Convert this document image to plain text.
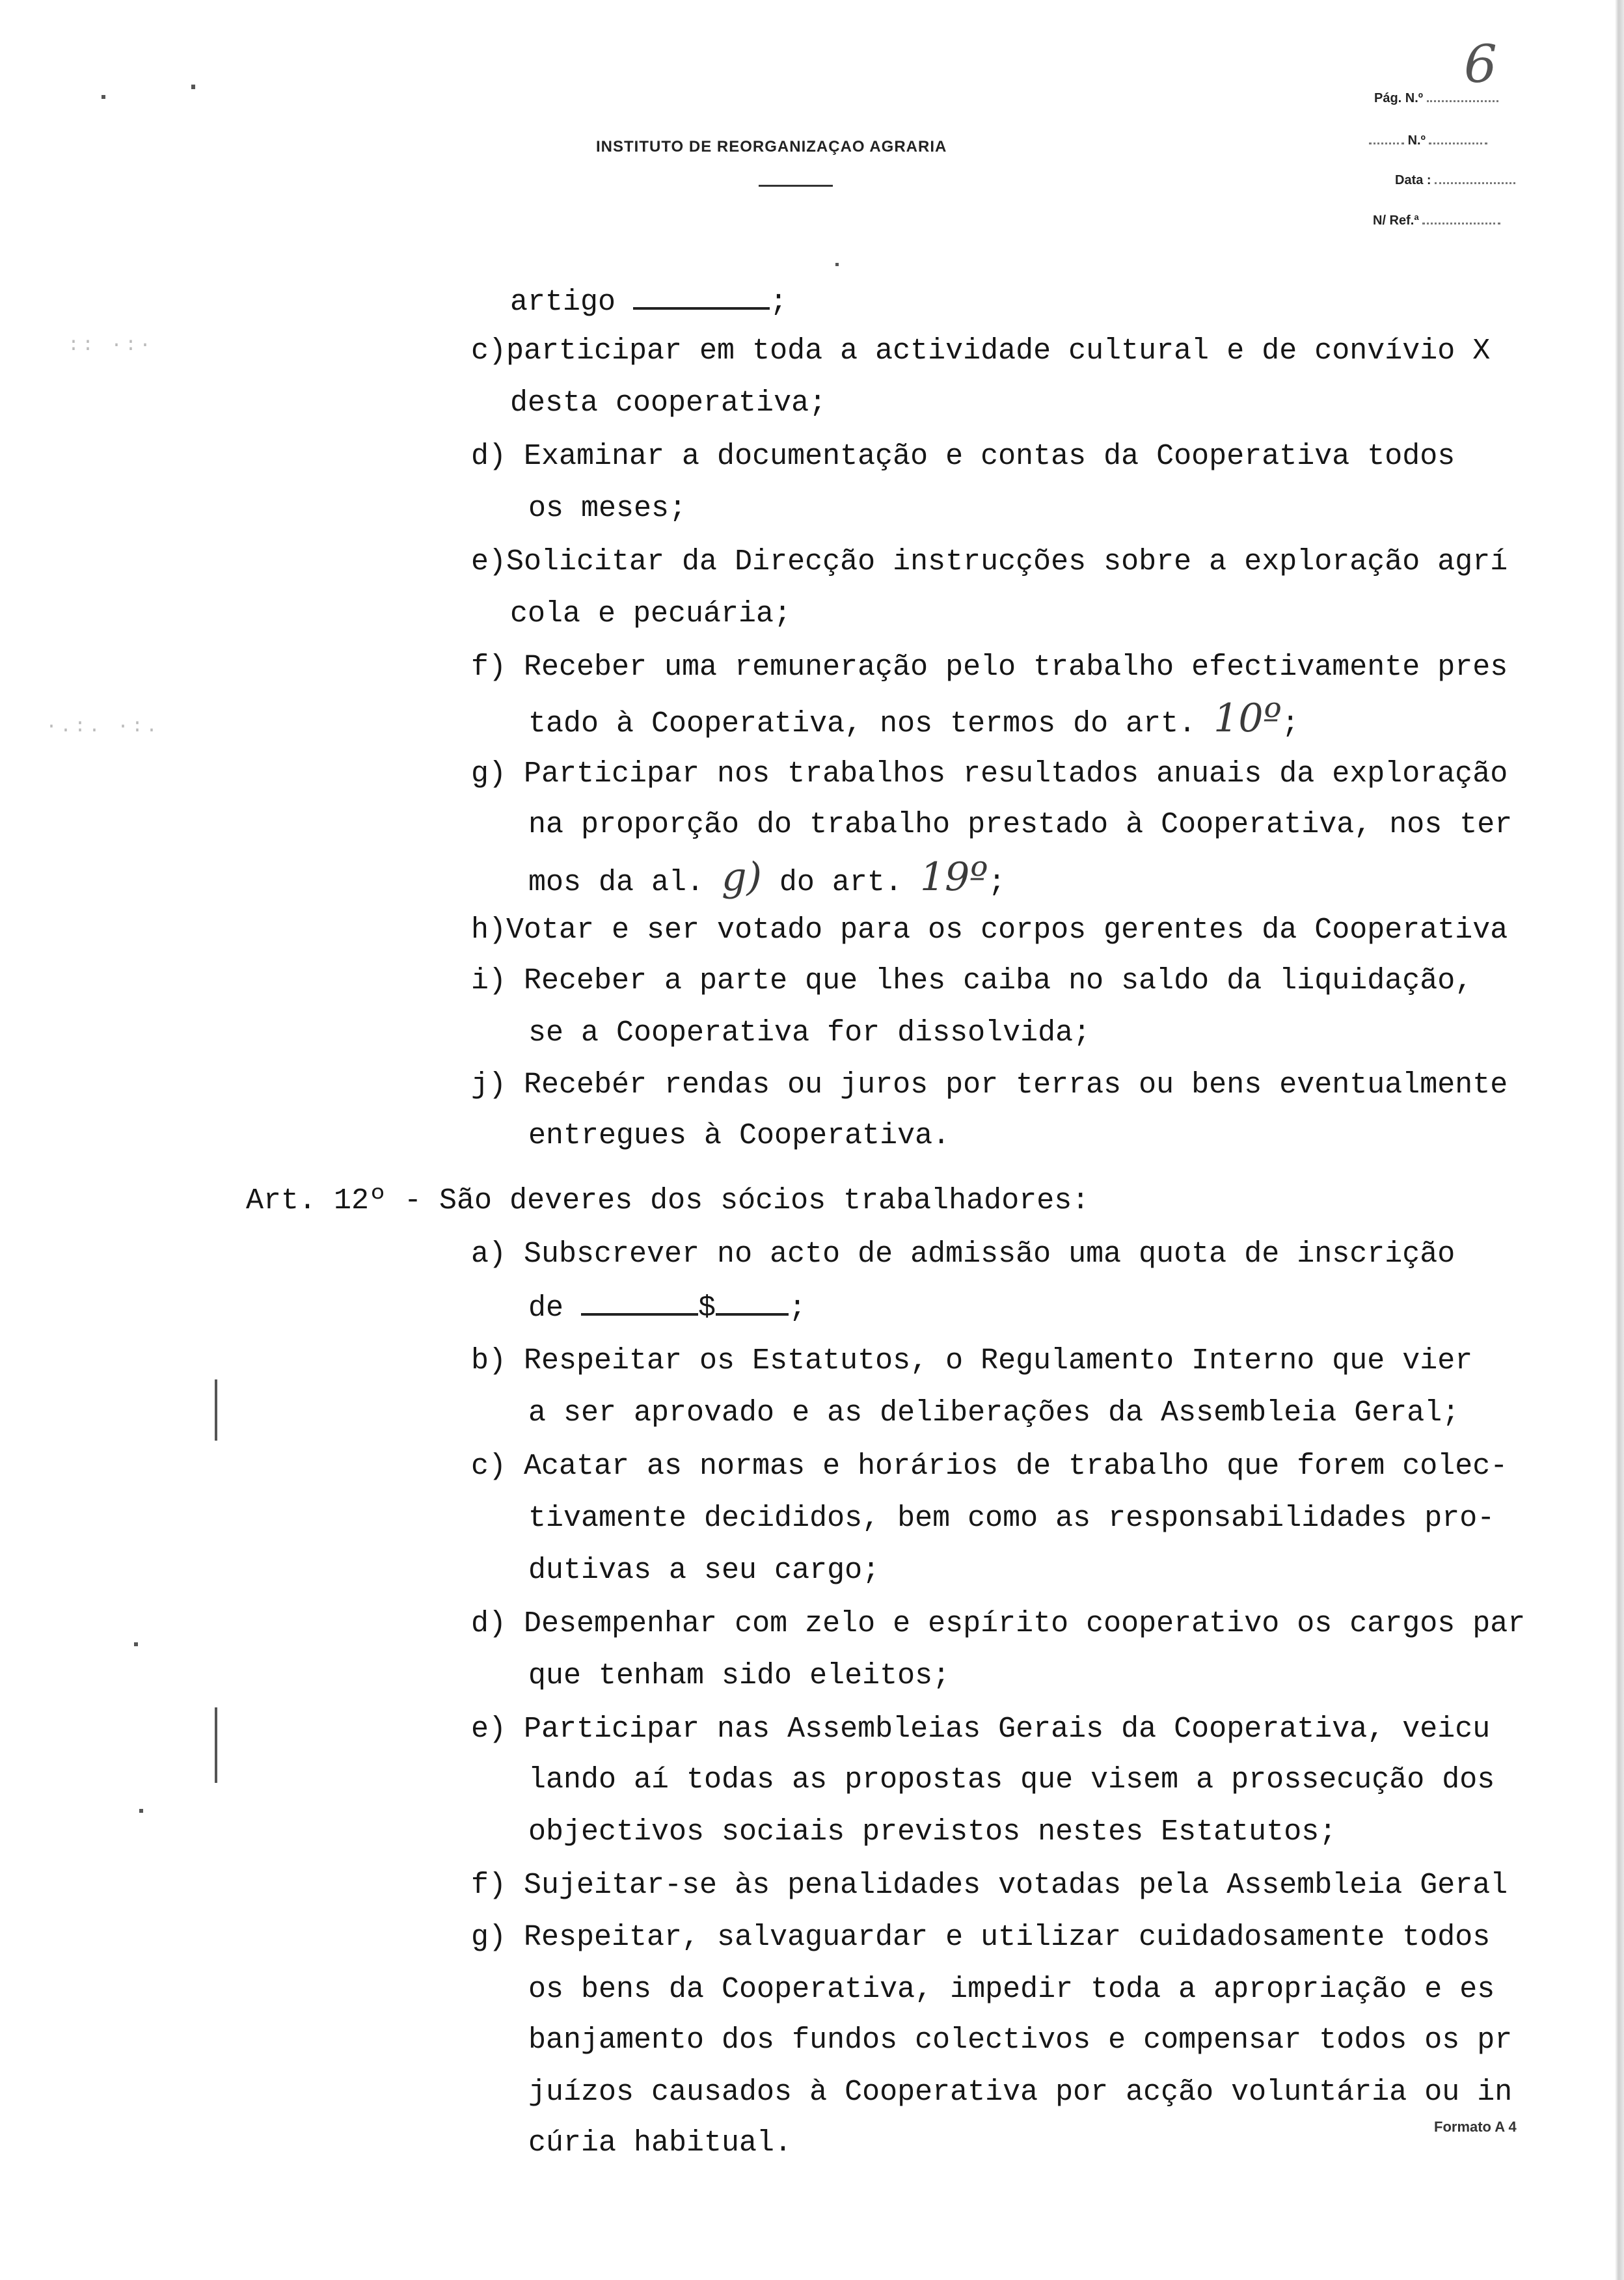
:: ·:·
·.:. ·:.
INSTITUTO DE REORGANIZAÇAO AGRARIA
Pág. N.º
6
N.º
Data :
N/ Ref.ª
artigo	;
c)participar em toda a actividade cultural e de convívio X
desta cooperativa;
d) Examinar a documentação e contas da Cooperativa todos
os meses;
e)Solicitar da Direcção instrucções sobre a exploração agrí
cola e pecuária;
f) Receber uma remuneração pelo trabalho efectivamente pres
tado à Cooperativa, nos termos do art. 10º;
g) Participar nos trabalhos resultados anuais da exploração
na proporção do trabalho prestado à Cooperativa, nos ter
mos da al. g) do art. 19º;
h)Votar e ser votado para os corpos gerentes da Cooperativa
i) Receber a parte que lhes caiba no saldo da liquidação,
se a Cooperativa for dissolvida;
j) Recebér rendas ou juros por terras ou bens eventualmente
entregues à Cooperativa.
Art. 12º - São deveres dos sócios trabalhadores:
a) Subscrever no acto de admissão uma quota de inscrição
de	$ ;
b) Respeitar os Estatutos, o Regulamento Interno que vier
a ser aprovado e as deliberações da Assembleia Geral;
c) Acatar as normas e horários de trabalho que forem colec-
tivamente decididos, bem como as responsabilidades pro-
dutivas a seu cargo;
d) Desempenhar com zelo e espírito cooperativo os cargos par
que tenham sido eleitos;
e) Participar nas Assembleias Gerais da Cooperativa, veicu
lando aí todas as propostas que visem a prossecução dos
objectivos sociais previstos nestes Estatutos;
f) Sujeitar-se às penalidades votadas pela Assembleia Geral
g) Respeitar, salvaguardar e utilizar cuidadosamente todos
os bens da Cooperativa, impedir toda a apropriação e es
banjamento dos fundos colectivos e compensar todos os pr
juízos causados à Cooperativa por acção voluntária ou in
cúria habitual.	Formato A 4
